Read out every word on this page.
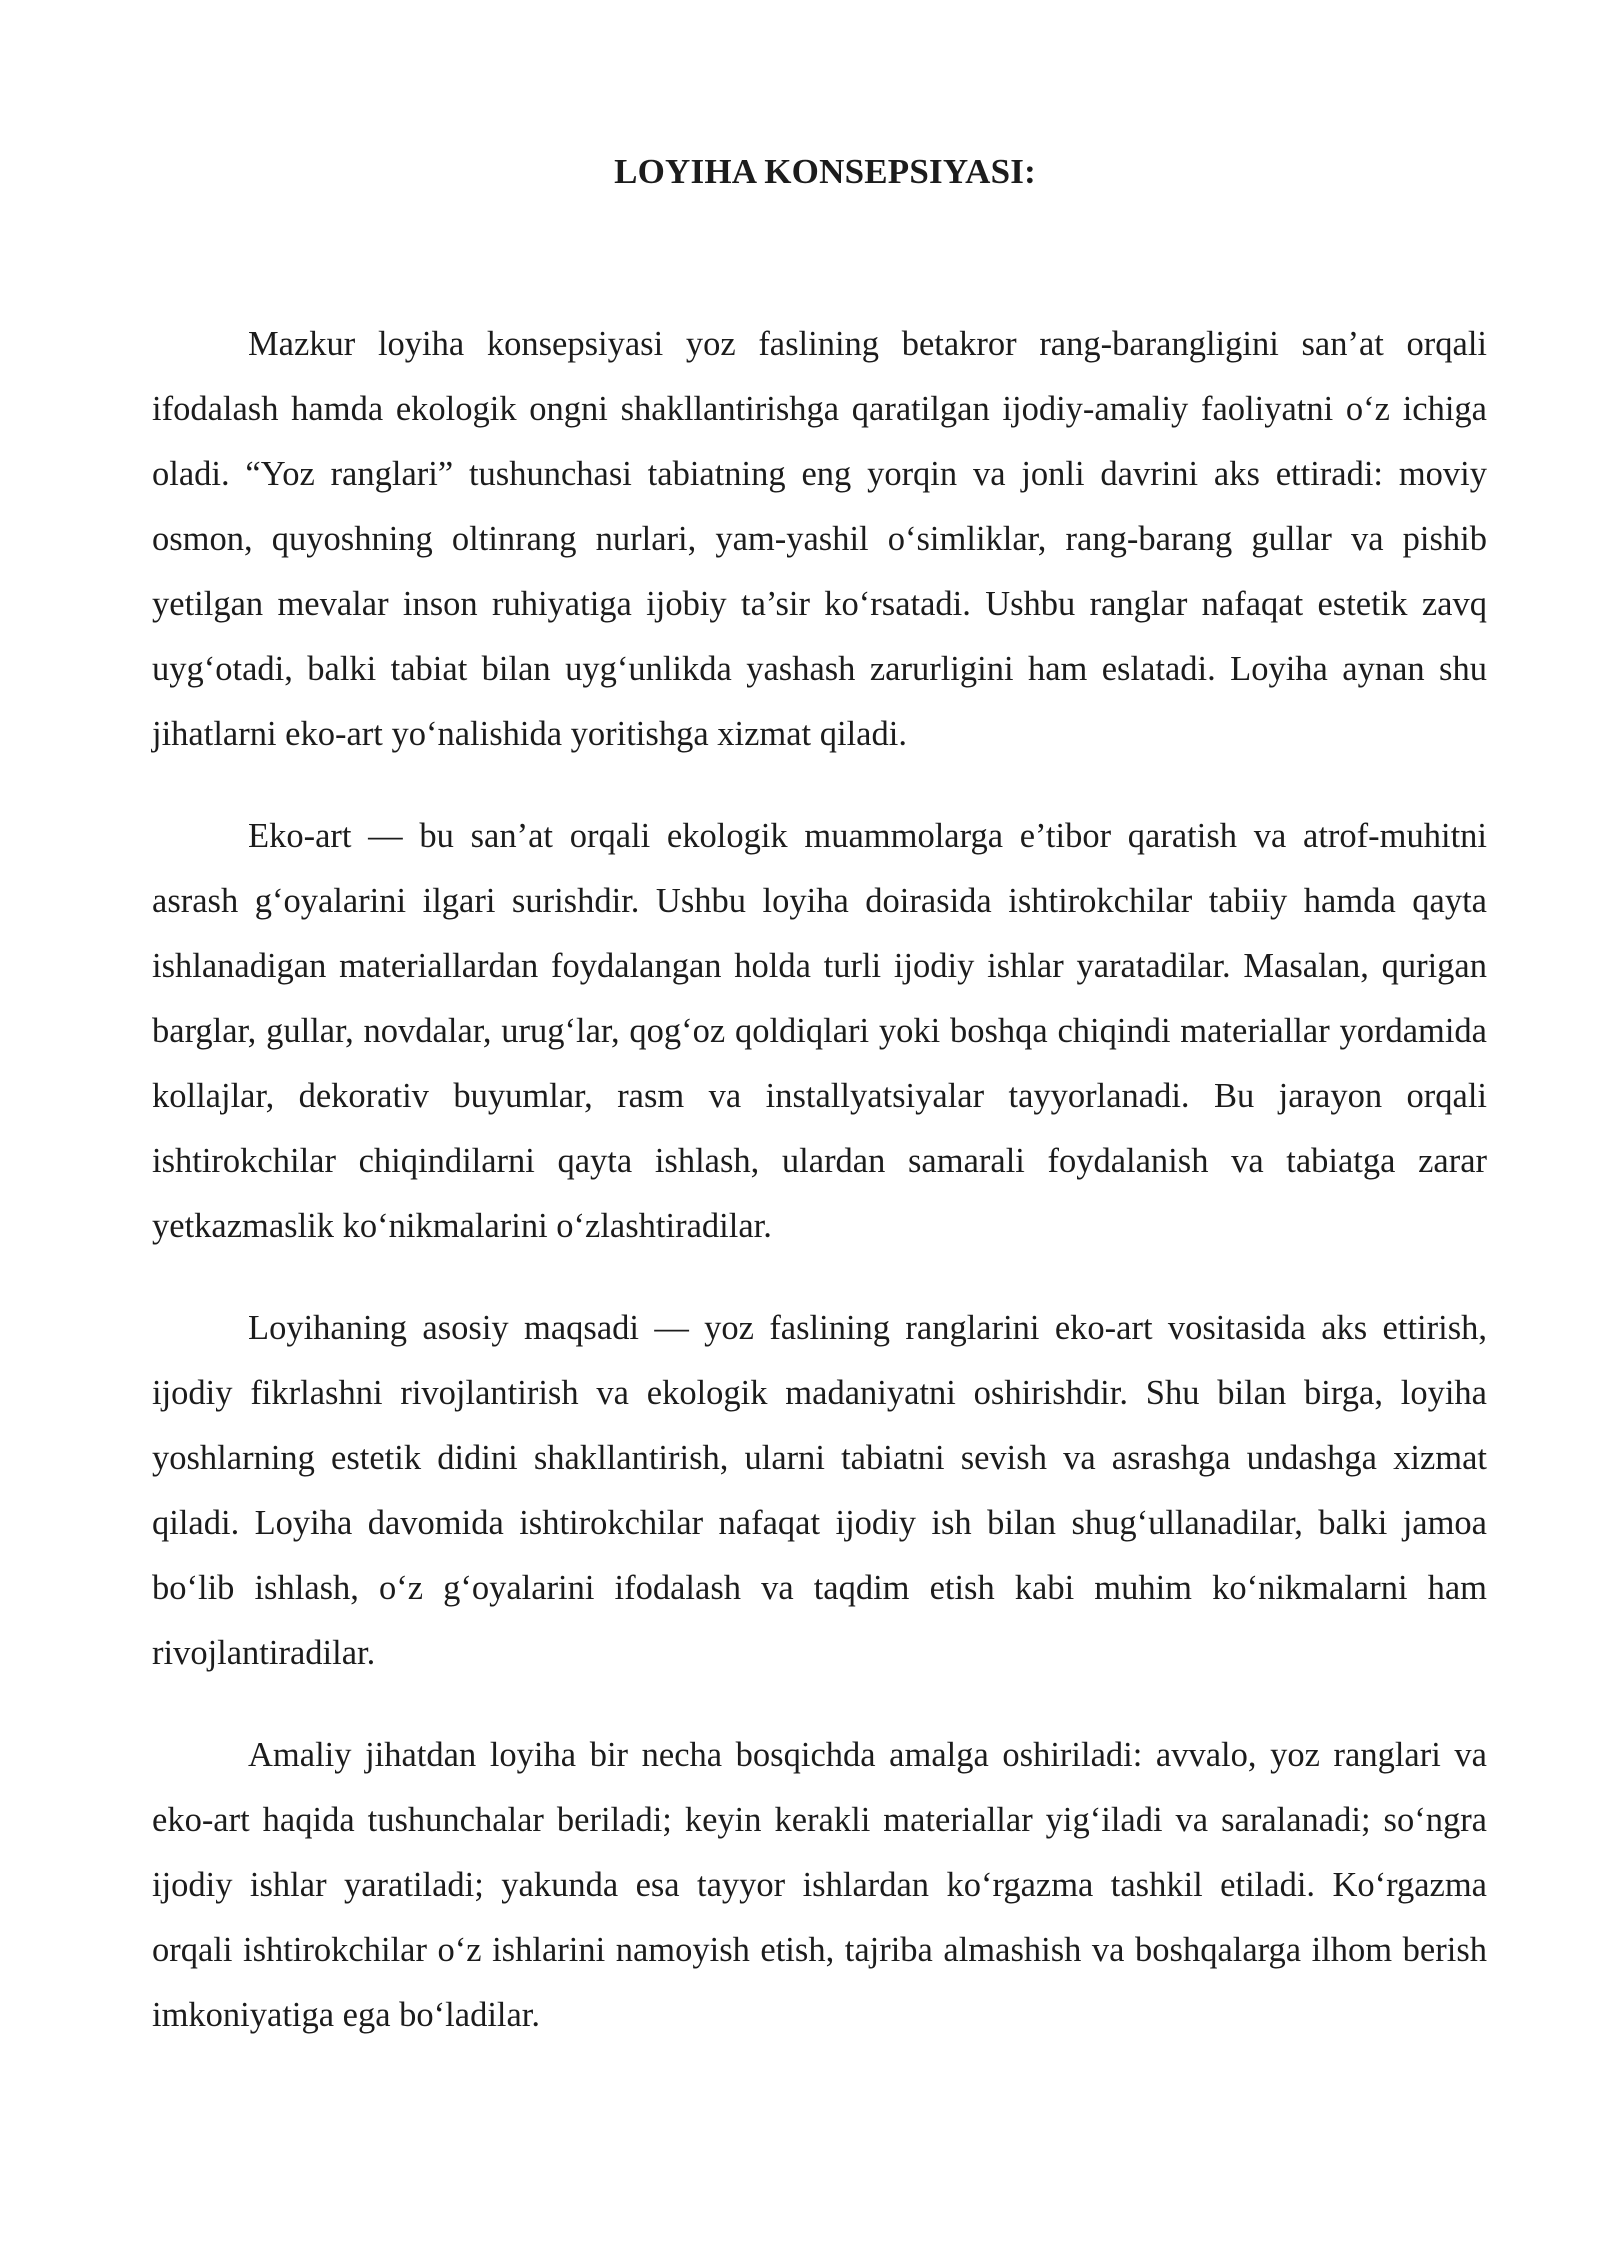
LOYIHA KONSEPSIYASI:

Mazkur loyiha konsepsiyasi yoz faslining betakror rang-barangligini san’at orqali ifodalash hamda ekologik ongni shakllantirishga qaratilgan ijodiy-amaliy faoliyatni o‘z ichiga oladi. “Yoz ranglari” tushunchasi tabiatning eng yorqin va jonli davrini aks ettiradi: moviy osmon, quyoshning oltinrang nurlari, yam-yashil o‘simliklar, rang-barang gullar va pishib yetilgan mevalar inson ruhiyatiga ijobiy ta’sir ko‘rsatadi. Ushbu ranglar nafaqat estetik zavq uyg‘otadi, balki tabiat bilan uyg‘unlikda yashash zarurligini ham eslatadi. Loyiha aynan shu jihatlarni eko-art yo‘nalishida yoritishga xizmat qiladi.

Eko-art — bu san’at orqali ekologik muammolarga e’tibor qaratish va atrof-muhitni asrash g‘oyalarini ilgari surishdir. Ushbu loyiha doirasida ishtirokchilar tabiiy hamda qayta ishlanadigan materiallardan foydalangan holda turli ijodiy ishlar yaratadilar. Masalan, qurigan barglar, gullar, novdalar, urug‘lar, qog‘oz qoldiqlari yoki boshqa chiqindi materiallar yordamida kollajlar, dekorativ buyumlar, rasm va installyatsiyalar tayyorlanadi. Bu jarayon orqali ishtirokchilar chiqindilarni qayta ishlash, ulardan samarali foydalanish va tabiatga zarar yetkazmaslik ko‘nikmalarini o‘zlashtiradilar.

Loyihaning asosiy maqsadi — yoz faslining ranglarini eko-art vositasida aks ettirish, ijodiy fikrlashni rivojlantirish va ekologik madaniyatni oshirishdir. Shu bilan birga, loyiha yoshlarning estetik didini shakllantirish, ularni tabiatni sevish va asrashga undashga xizmat qiladi. Loyiha davomida ishtirokchilar nafaqat ijodiy ish bilan shug‘ullanadilar, balki jamoa bo‘lib ishlash, o‘z g‘oyalarini ifodalash va taqdim etish kabi muhim ko‘nikmalarni ham rivojlantiradilar.

Amaliy jihatdan loyiha bir necha bosqichda amalga oshiriladi: avvalo, yoz ranglari va eko-art haqida tushunchalar beriladi; keyin kerakli materiallar yig‘iladi va saralanadi; so‘ngra ijodiy ishlar yaratiladi; yakunda esa tayyor ishlardan ko‘rgazma tashkil etiladi. Ko‘rgazma orqali ishtirokchilar o‘z ishlarini namoyish etish, tajriba almashish va boshqalarga ilhom berish imkoniyatiga ega bo‘ladilar.
